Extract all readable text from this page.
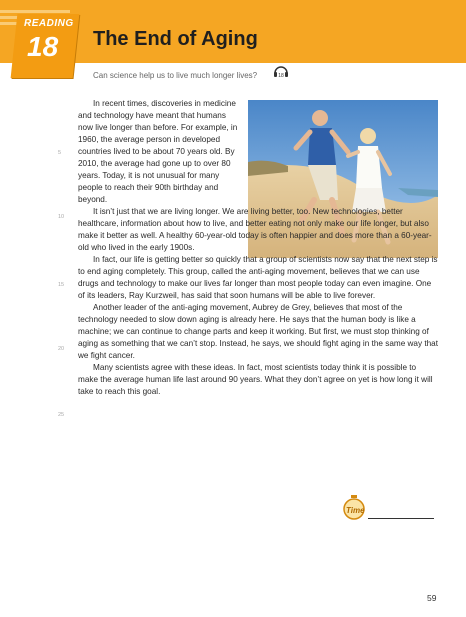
READING
18 The End of Aging
Can science help us to live much longer lives?	18
5
10
15
20
25

In recent times, discoveries in medicine and technology have meant that humans now live longer than before. For example, in 1960, the average person in developed countries lived to be about 70 years old. By 2010, the average had gone up to over 80 years. Today, it is not unusual for many people to reach their 90th birthday and beyond.

It isn’t just that we are living longer. We are living better, too. New technologies, better healthcare, information about how to live, and better eating not only make our life longer, but also make it better as well. A healthy 60-year-old today is often happier and does more than a 60-year-old who lived in the early 1900s.

In fact, our life is getting better so quickly that a group of scientists now say that the next step is to end aging completely. This group, called the anti-aging movement, believes that we can use drugs and technology to make our lives far longer than most people today can even imagine. One of its leaders, Ray Kurzweil, has said that soon humans will be able to live forever.

Another leader of the anti-aging movement, Aubrey de Grey, believes that most of the technology needed to slow down aging is already here. He says that the human body is like a machine; we can continue to change parts and keep it working. But first, we must stop thinking of aging as something that we can’t stop. Instead, he says, we should fight aging in the same way that we fight cancer.

Many scientists agree with these ideas. In fact, most scientists today think it is possible to make the average human life last around 90 years. What they don’t agree on yet is how long it will take to reach this goal.

Time
59
